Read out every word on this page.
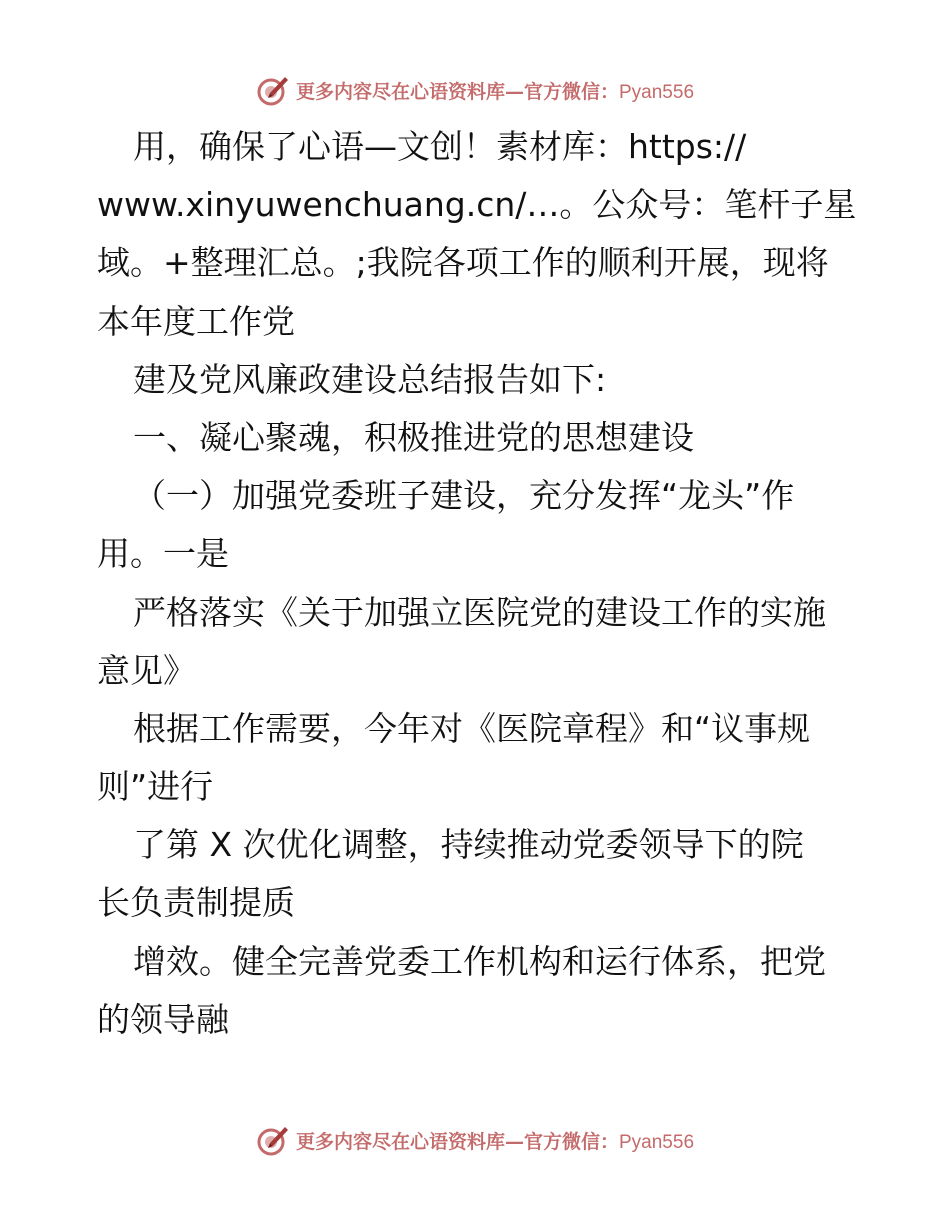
更多内容尽在心语资料库—官方微信：Pyan556
用，确保了心语—文创！素材库：https://
www.xinyuwenchuang.cn/…。公众号：笔杆子星
域。+整理汇总。;我院各项工作的顺利开展，现将
本年度工作党
建及党风廉政建设总结报告如下:
一、凝心聚魂，积极推进党的思想建设
（一）加强党委班子建设，充分发挥“龙头”作
用。一是
严格落实《关于加强立医院党的建设工作的实施
意见》
根据工作需要，今年对《医院章程》和“议事规
则”进行
了第 X 次优化调整，持续推动党委领导下的院
长负责制提质
增效。健全完善党委工作机构和运行体系，把党
的领导融
更多内容尽在心语资料库—官方微信：Pyan556
